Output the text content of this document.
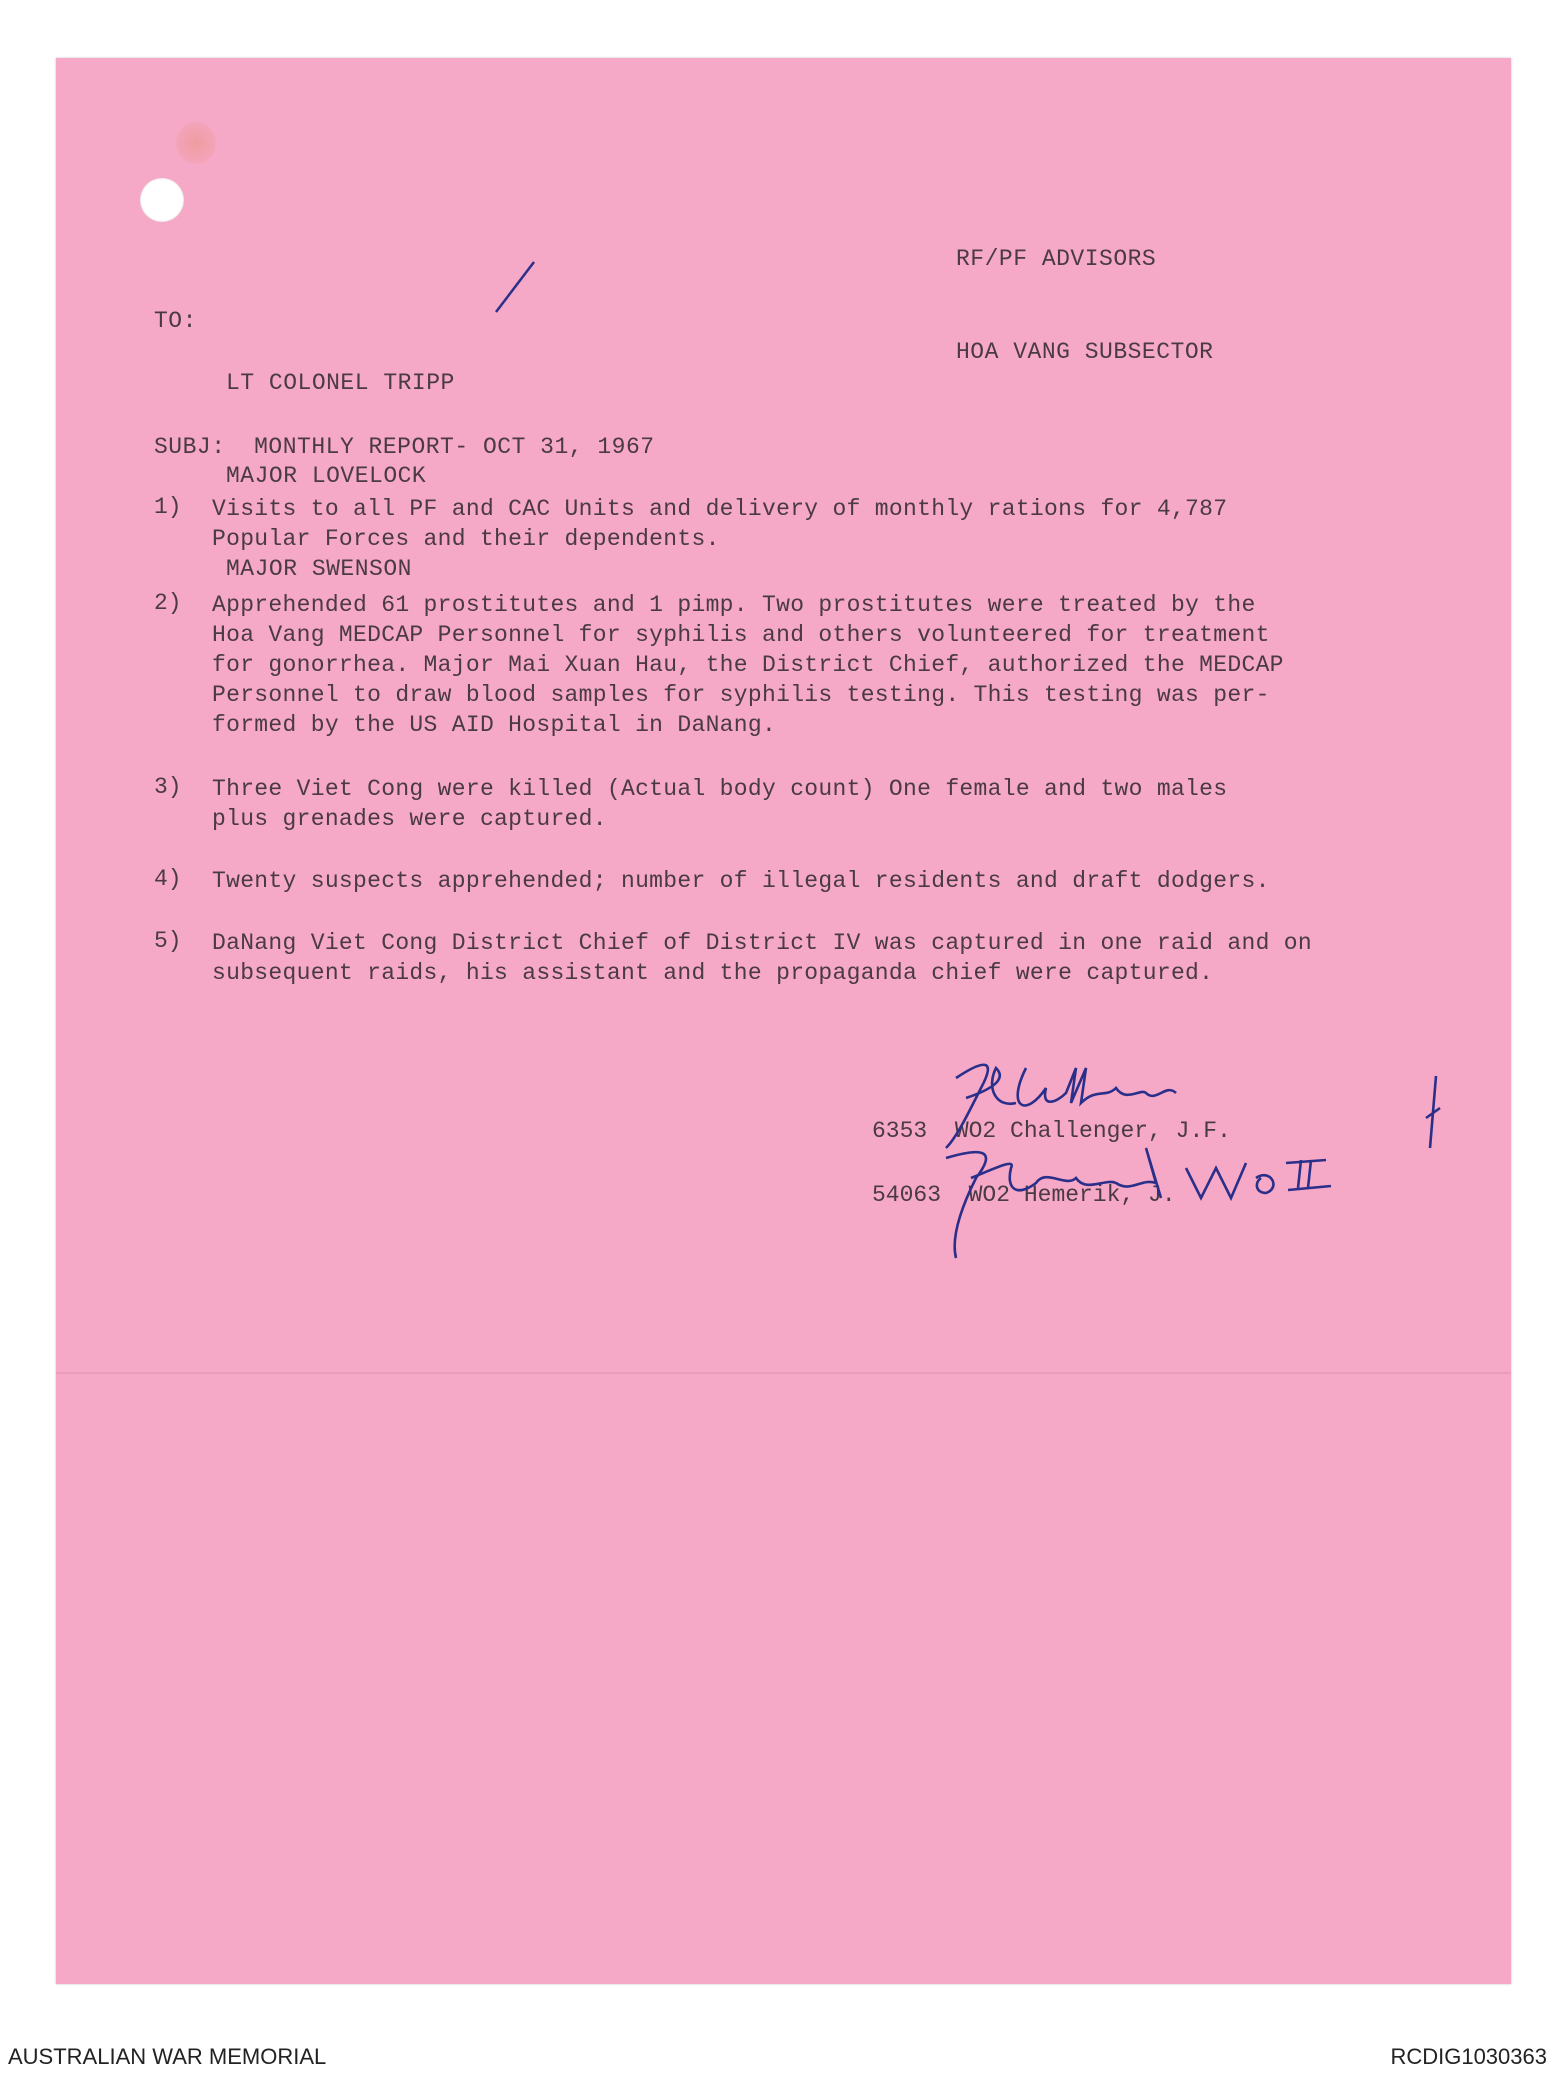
RF/PF ADVISORS

HOA VANG SUBSECTOR

TO:

LT COLONEL TRIPP

MAJOR LOVELOCK

MAJOR SWENSON

SUBJ: MONTHLY REPORT- OCT 31, 1967
1) Visits to all PF and CAC Units and delivery of monthly rations for 4,787
Popular Forces and their dependents.
2) Apprehended 61 prostitutes and 1 pimp. Two prostitutes were treated by the
Hoa Vang MEDCAP Personnel for syphilis and others volunteered for treatment
for gonorrhea. Major Mai Xuan Hau, the District Chief, authorized the MEDCAP
Personnel to draw blood samples for syphilis testing. This testing was per-
formed by the US AID Hospital in DaNang.
3) Three Viet Cong were killed (Actual body count) One female and two males
plus grenades were captured.
4) Twenty suspects apprehended; number of illegal residents and draft dodgers.
5) DaNang Viet Cong District Chief of District IV was captured in one raid and on
subsequent raids, his assistant and the propaganda chief were captured.
6353 WO2 Challenger, J.F.
54063 WO2 Hemerik, J.
AUSTRALIAN WAR MEMORIAL	RCDIG1030363
